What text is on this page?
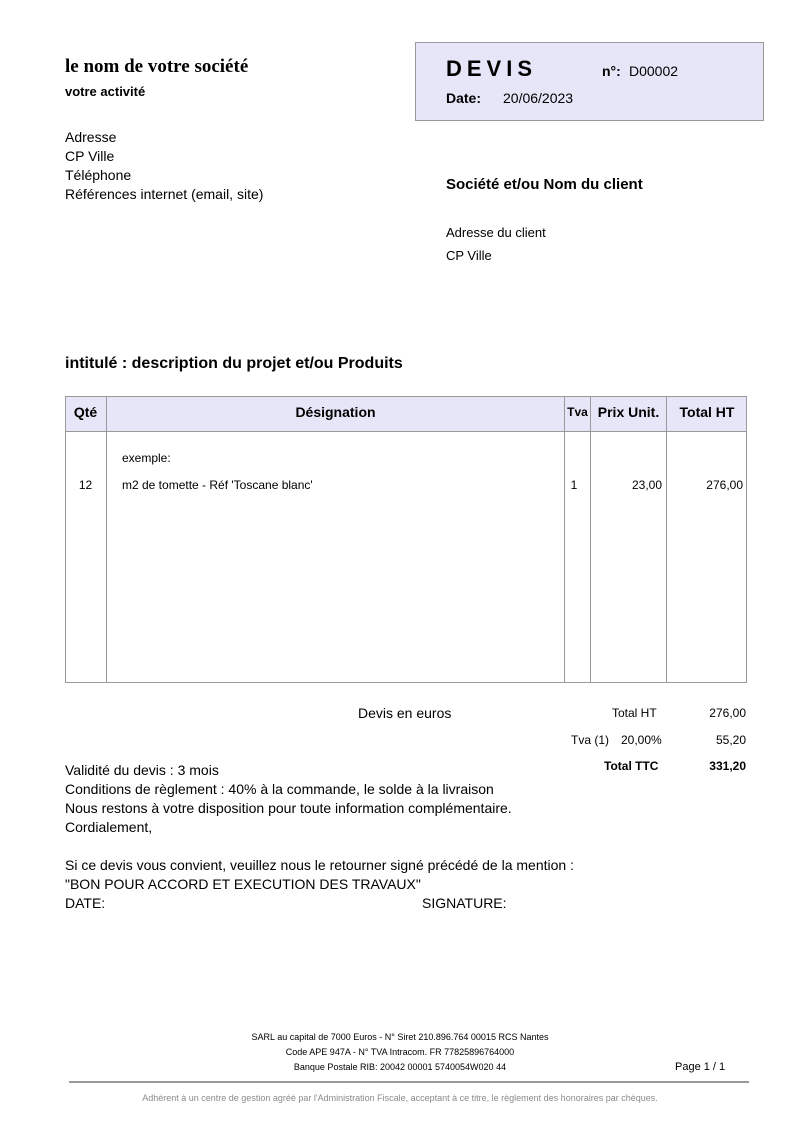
le nom de votre société
votre activité
Adresse
CP Ville
Téléphone
Références internet (email, site)
DEVIS	n°: D00002
Date: 20/06/2023
Société et/ou Nom du client
Adresse du client
CP Ville
intitulé : description du projet et/ou Produits
Qté	Désignation	Tva Prix Unit.	Total HT
exemple:
12	m2 de tomette - Réf 'Toscane blanc'	1	23,00	276,00
Devis en euros	Total HT	276,00
Tva (1) 20,00%	55,20
Total TTC	331,20
Validité du devis : 3 mois
Conditions de règlement : 40% à la commande, le solde à la livraison
Nous restons à votre disposition pour toute information complémentaire.
Cordialement,
Si ce devis vous convient, veuillez nous le retourner signé précédé de la mention :
"BON POUR ACCORD ET EXECUTION DES TRAVAUX"
DATE:	SIGNATURE:
SARL au capital de 7000 Euros - N° Siret 210.896.764 00015 RCS Nantes
Code APE 947A - N° TVA Intracom. FR 77825896764000
Banque Postale RIB: 20042 00001 5740054W020 44	Page 1 / 1
Adhérent à un centre de gestion agréé par l'Administration Fiscale, acceptant à ce titre, le règlement des honoraires par chèques.
